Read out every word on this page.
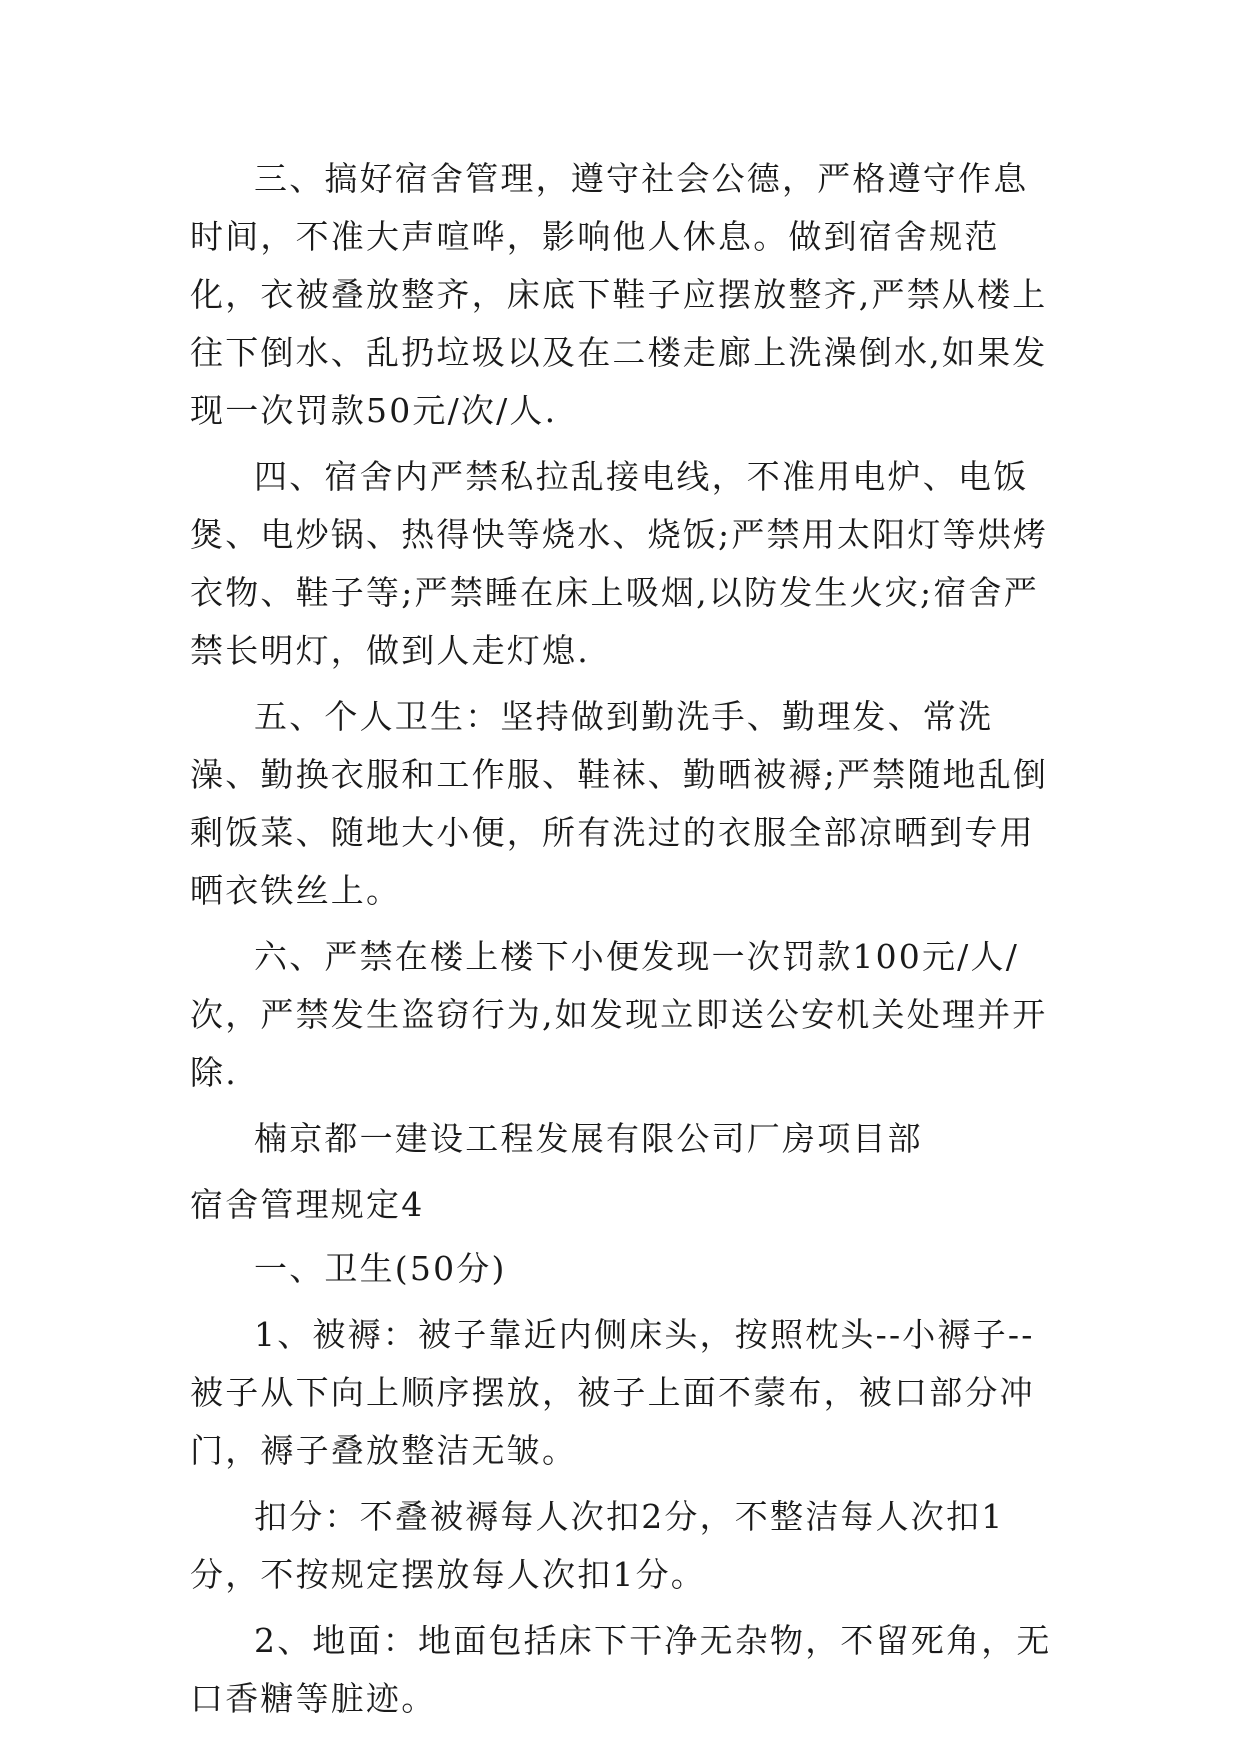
三、搞好宿舍管理，遵守社会公德，严格遵守作息时间，不准大声喧哗，影响他人休息。做到宿舍规范化，衣被叠放整齐，床底下鞋子应摆放整齐,严禁从楼上往下倒水、乱扔垃圾以及在二楼走廊上洗澡倒水,如果发现一次罚款50元/次/人.

四、宿舍内严禁私拉乱接电线，不准用电炉、电饭煲、电炒锅、热得快等烧水、烧饭;严禁用太阳灯等烘烤衣物、鞋子等;严禁睡在床上吸烟,以防发生火灾;宿舍严禁长明灯，做到人走灯熄.

五、个人卫生：坚持做到勤洗手、勤理发、常洗澡、勤换衣服和工作服、鞋袜、勤晒被褥;严禁随地乱倒剩饭菜、随地大小便，所有洗过的衣服全部凉晒到专用晒衣铁丝上。

六、严禁在楼上楼下小便发现一次罚款100元/人/次，严禁发生盗窃行为,如发现立即送公安机关处理并开除.

楠京都一建设工程发展有限公司厂房项目部

宿舍管理规定4

一、卫生(50分)

1、被褥：被子靠近内侧床头，按照枕头--小褥子--被子从下向上顺序摆放，被子上面不蒙布，被口部分冲门，褥子叠放整洁无皱。

扣分：不叠被褥每人次扣2分，不整洁每人次扣1分，不按规定摆放每人次扣1分。

2、地面：地面包括床下干净无杂物，不留死角，无口香糖等脏迹。
